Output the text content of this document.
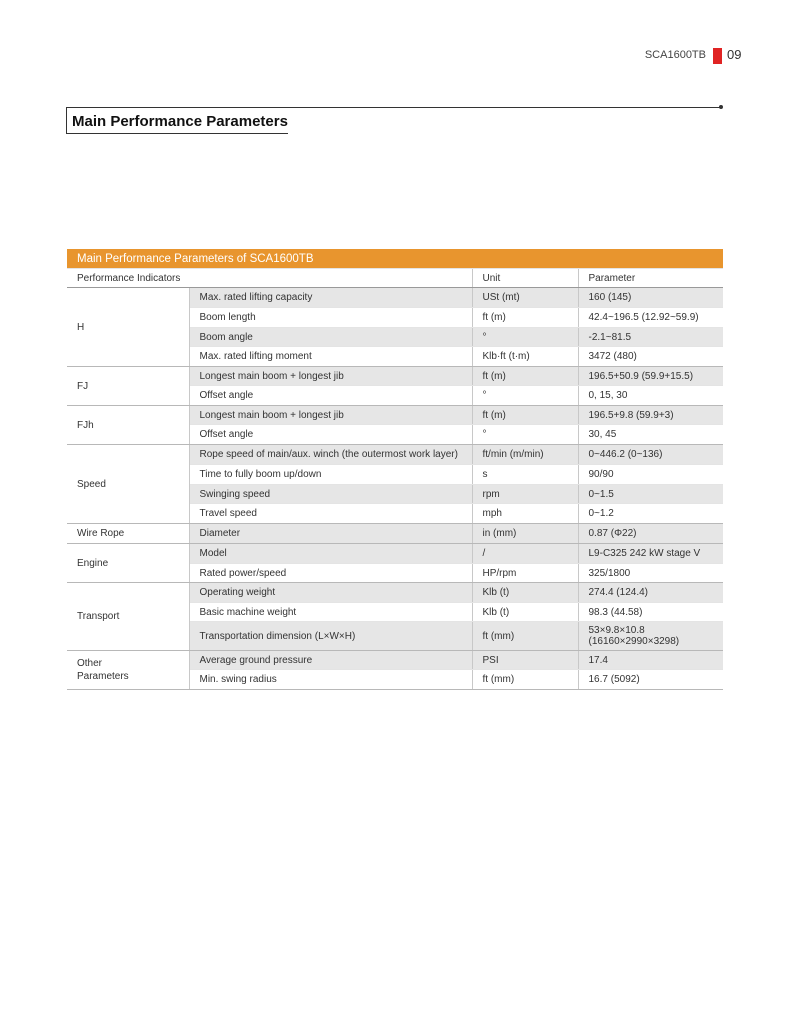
SCA1600TB 09
Main Performance Parameters
Main Performance Parameters of SCA1600TB			
Performance Indicators		Unit	Parameter
H	Max. rated lifting capacity	USt (mt)	160 (145)
	Boom length	ft (m)	42.4~196.5 (12.92~59.9)
	Boom angle	°	-2.1~81.5
	Max. rated lifting moment	Klb·ft (t·m)	3472 (480)
FJ	Longest main boom + longest jib	ft (m)	196.5+50.9 (59.9+15.5)
	Offset angle	°	0, 15, 30
FJh	Longest main boom + longest jib	ft (m)	196.5+9.8 (59.9+3)
	Offset angle	°	30, 45
Speed	Rope speed of main/aux. winch (the outermost work layer)	ft/min (m/min)	0~446.2 (0~136)
	Time to fully boom up/down	s	90/90
	Swinging speed	rpm	0~1.5
	Travel speed	mph	0~1.2
Wire Rope	Diameter	in (mm)	0.87 (Φ22)
Engine	Model	/	L9-C325 242 kW stage V
	Rated power/speed	HP/rpm	325/1800
Transport	Operating weight	Klb (t)	274.4 (124.4)
	Basic machine weight	Klb (t)	98.3 (44.58)
	Transportation dimension (L×W×H)	ft (mm)	53×9.8×10.8 (16160×2990×3298)
Other Parameters	Average ground pressure	PSI	17.4
	Min. swing radius	ft (mm)	16.7 (5092)
